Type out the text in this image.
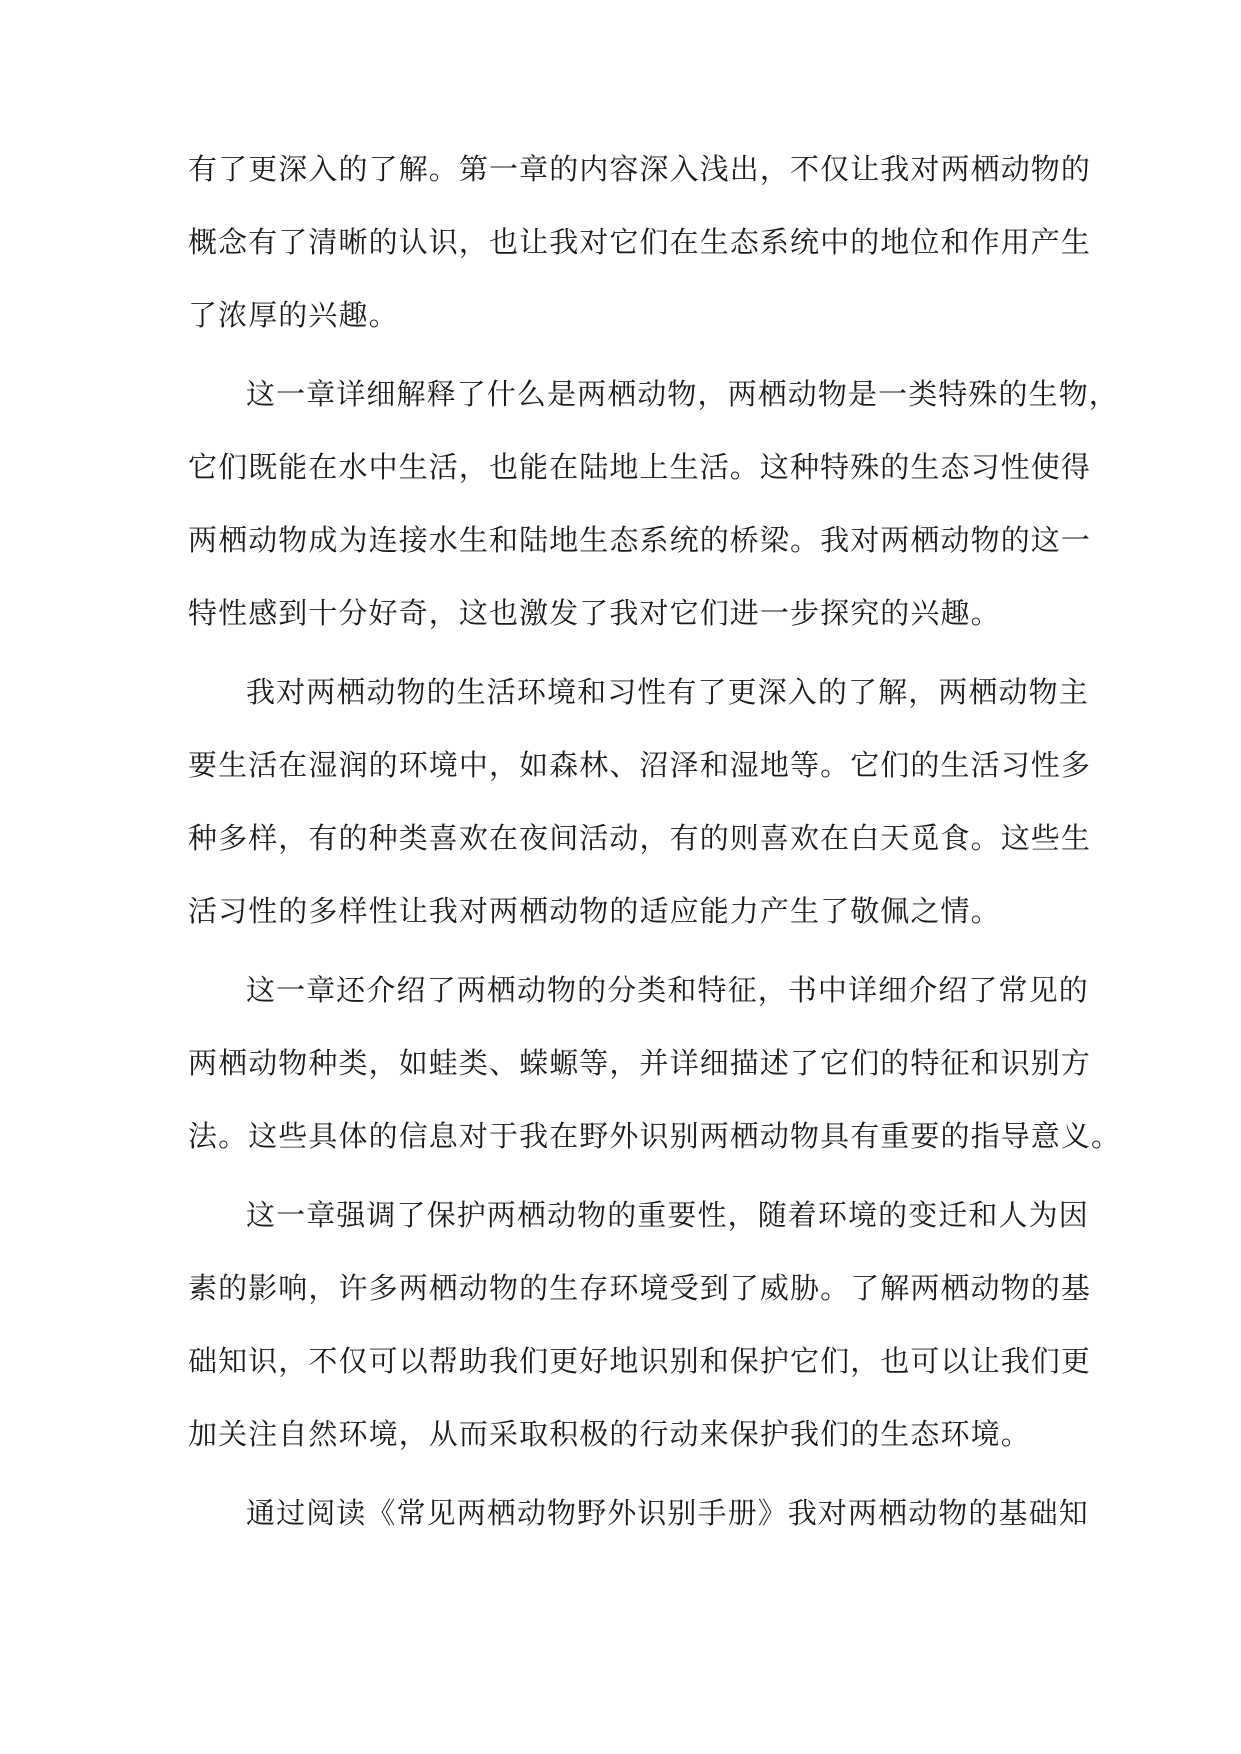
有了更深入的了解。第一章的内容深入浅出，不仅让我对两栖动物的
概念有了清晰的认识，也让我对它们在生态系统中的地位和作用产生
了浓厚的兴趣。
这一章详细解释了什么是两栖动物，两栖动物是一类特殊的生物，
它们既能在水中生活，也能在陆地上生活。这种特殊的生态习性使得
两栖动物成为连接水生和陆地生态系统的桥梁。我对两栖动物的这一
特性感到十分好奇，这也激发了我对它们进一步探究的兴趣。
我对两栖动物的生活环境和习性有了更深入的了解，两栖动物主
要生活在湿润的环境中，如森林、沼泽和湿地等。它们的生活习性多
种多样，有的种类喜欢在夜间活动，有的则喜欢在白天觅食。这些生
活习性的多样性让我对两栖动物的适应能力产生了敬佩之情。
这一章还介绍了两栖动物的分类和特征，书中详细介绍了常见的
两栖动物种类，如蛙类、蝾螈等，并详细描述了它们的特征和识别方
法。这些具体的信息对于我在野外识别两栖动物具有重要的指导意义。
这一章强调了保护两栖动物的重要性，随着环境的变迁和人为因
素的影响，许多两栖动物的生存环境受到了威胁。了解两栖动物的基
础知识，不仅可以帮助我们更好地识别和保护它们，也可以让我们更
加关注自然环境，从而采取积极的行动来保护我们的生态环境。
通过阅读《常见两栖动物野外识别手册》我对两栖动物的基础知
